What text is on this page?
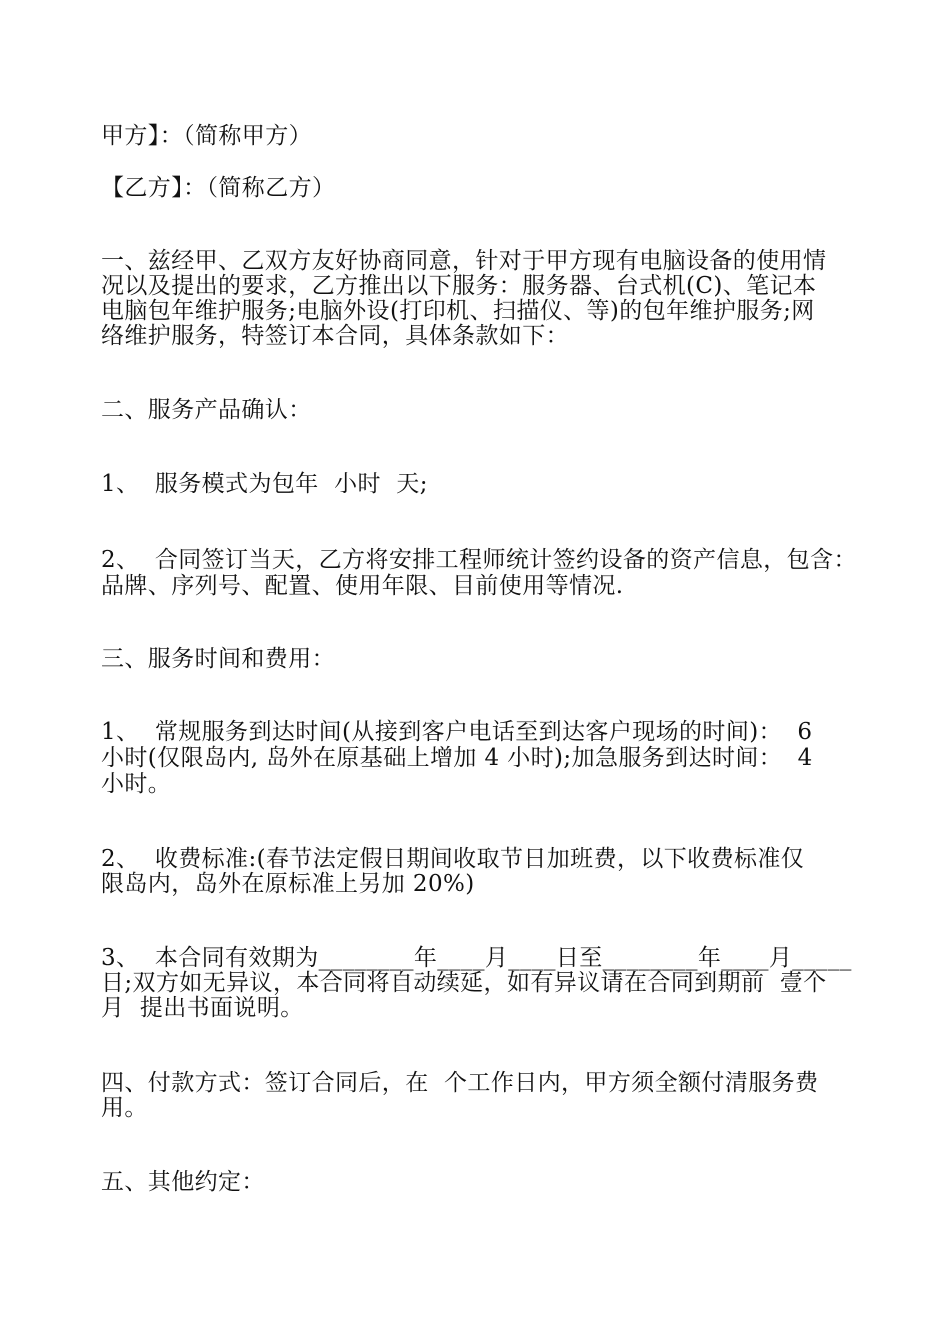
甲方】：（简称甲方）
【乙方】：（简称乙方）
一、兹经甲、乙双方友好协商同意，针对于甲方现有电脑设备的使用情
况以及提出的要求，乙方推出以下服务：服务器、台式机(C)、笔记本
电脑包年维护服务;电脑外设(打印机、扫描仪、等)的包年维护服务;网
络维护服务，特签订本合同，具体条款如下：
二、服务产品确认：
1、  服务模式为包年  小时  天;
2、  合同签订当天，乙方将安排工程师统计签约设备的资产信息，包含：
品牌、序列号、配置、使用年限、目前使用等情况.
三、服务时间和费用：
1、  常规服务到达时间(从接到客户电话至到达客户现场的时间)：  6
小时(仅限岛内, 岛外在原基础上增加 4 小时);加急服务到达时间：  4
小时。
2、  收费标准:(春节法定假日期间收取节日加班费，以下收费标准仅
限岛内，岛外在原标准上另加 20%)
3、  本合同有效期为________年____月____日至________年____月_____
日;双方如无异议，本合同将自动续延，如有异议请在合同到期前  壹个
月  提出书面说明。
四、付款方式：签订合同后，在  个工作日内，甲方须全额付清服务费
用。
五、其他约定：
